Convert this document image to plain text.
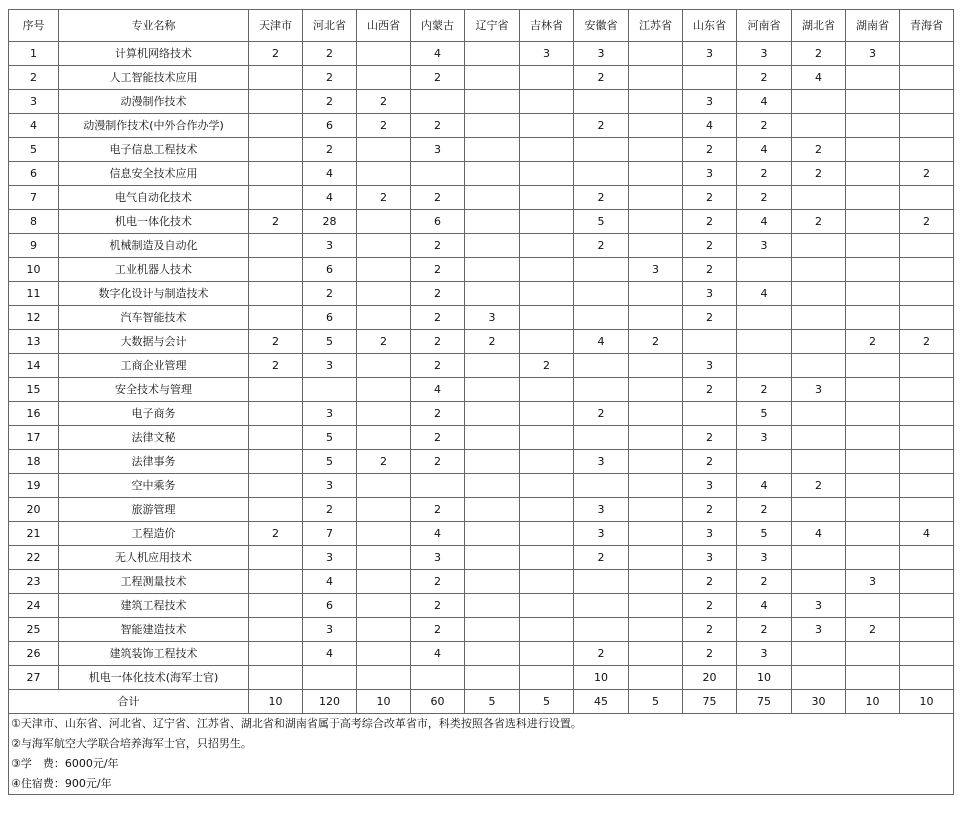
序号	专业名称	天津市	河北省	山西省	内蒙古	辽宁省	吉林省	安徽省	江苏省	山东省	河南省	湖北省	湖南省	青海省
1	计算机网络技术	2	2		4		3	3		3	3	2	3	
2	人工智能技术应用		2		2			2			2	4		
3	动漫制作技术		2	2						3	4			
4	动漫制作技术(中外合作办学)		6	2	2			2		4	2			
5	电子信息工程技术		2		3					2	4	2		
6	信息安全技术应用		4							3	2	2		2
7	电气自动化技术		4	2	2			2		2	2			
8	机电一体化技术	2	28		6			5		2	4	2		2
9	机械制造及自动化		3		2			2		2	3			
10	工业机器人技术		6		2				3	2				
11	数字化设计与制造技术		2		2					3	4			
12	汽车智能技术		6		2	3				2				
13	大数据与会计	2	5	2	2	2		4	2				2	2
14	工商企业管理	2	3		2		2			3				
15	安全技术与管理				4					2	2	3		
16	电子商务		3		2			2			5			
17	法律文秘		5		2					2	3			
18	法律事务		5	2	2			3		2				
19	空中乘务		3							3	4	2		
20	旅游管理		2		2			3		2	2			
21	工程造价	2	7		4			3		3	5	4		4
22	无人机应用技术		3		3			2		3	3			
23	工程测量技术		4		2					2	2		3	
24	建筑工程技术		6		2					2	4	3		
25	智能建造技术		3		2					2	2	3	2	
26	建筑装饰工程技术		4		4			2		2	3			
27	机电一体化技术(海军士官)							10		20	10			
合计		10	120	10	60	5	5	45	5	75	75	30	10	10
①天津市、山东省、河北省、辽宁省、江苏省、湖北省和湖南省属于高考综合改革省市，科类按照各省选科进行设置。														
②与海军航空大学联合培养海军士官，只招男生。														
③学　费：6000元/年														
④住宿费：900元/年														
